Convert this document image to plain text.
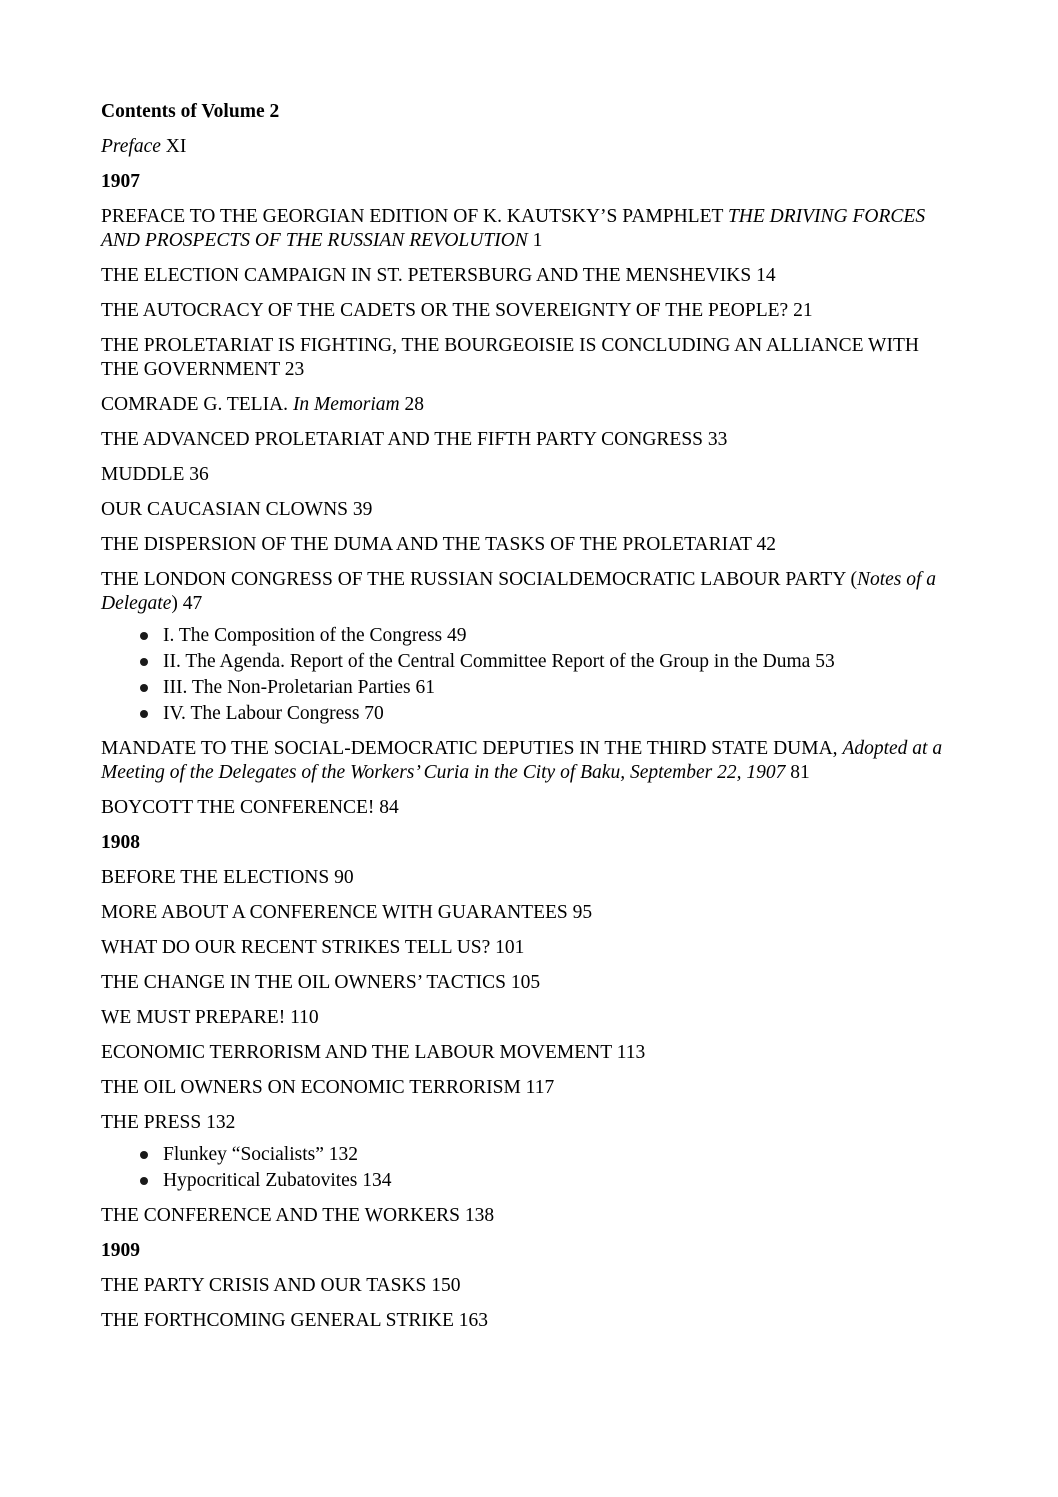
Contents of Volume 2
Preface XI
1907
PREFACE TO THE GEORGIAN EDITION OF K. KAUTSKY’S PAMPHLET THE DRIVING FORCES AND PROSPECTS OF THE RUSSIAN REVOLUTION 1
THE ELECTION CAMPAIGN IN ST. PETERSBURG AND THE MENSHEVIKS 14
THE AUTOCRACY OF THE CADETS OR THE SOVEREIGNTY OF THE PEOPLE? 21
THE PROLETARIAT IS FIGHTING, THE BOURGEOISIE IS CONCLUDING AN ALLIANCE WITH THE GOVERNMENT 23
COMRADE G. TELIA. In Memoriam 28
THE ADVANCED PROLETARIAT AND THE FIFTH PARTY CONGRESS 33
MUDDLE 36
OUR CAUCASIAN CLOWNS 39
THE DISPERSION OF THE DUMA AND THE TASKS OF THE PROLETARIAT 42
THE LONDON CONGRESS OF THE RUSSIAN SOCIALDEMOCRATIC LABOUR PARTY (Notes of a Delegate) 47
I. The Composition of the Congress 49
II. The Agenda. Report of the Central Committee Report of the Group in the Duma 53
III. The Non-Proletarian Parties 61
IV. The Labour Congress 70
MANDATE TO THE SOCIAL-DEMOCRATIC DEPUTIES IN THE THIRD STATE DUMA, Adopted at a Meeting of the Delegates of the Workers’ Curia in the City of Baku, September 22, 1907 81
BOYCOTT THE CONFERENCE! 84
1908
BEFORE THE ELECTIONS 90
MORE ABOUT A CONFERENCE WITH GUARANTEES 95
WHAT DO OUR RECENT STRIKES TELL US? 101
THE CHANGE IN THE OIL OWNERS’ TACTICS 105
WE MUST PREPARE! 110
ECONOMIC TERRORISM AND THE LABOUR MOVEMENT 113
THE OIL OWNERS ON ECONOMIC TERRORISM 117
THE PRESS 132
Flunkey “Socialists” 132
Hypocritical Zubatovites 134
THE CONFERENCE AND THE WORKERS 138
1909
THE PARTY CRISIS AND OUR TASKS 150
THE FORTHCOMING GENERAL STRIKE 163
